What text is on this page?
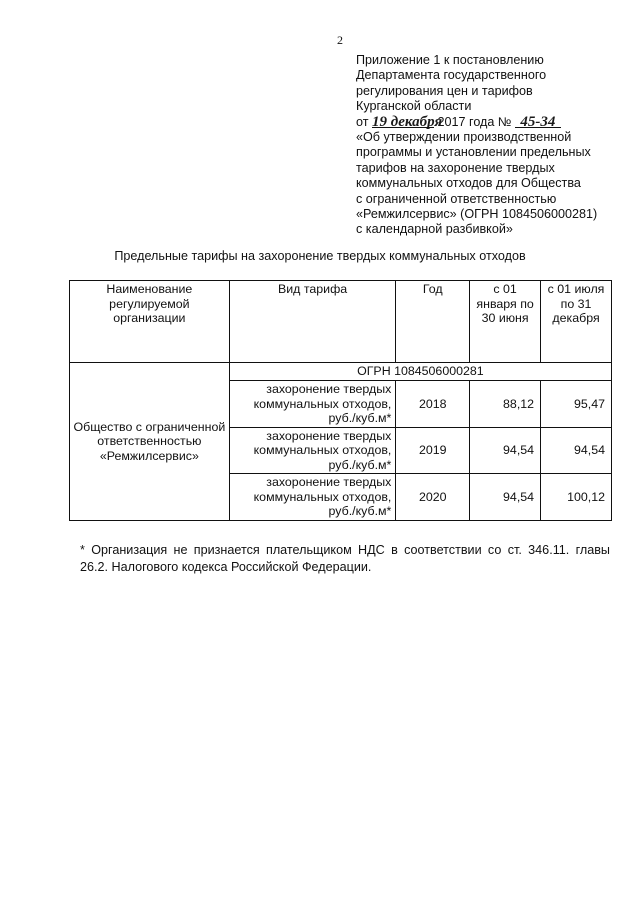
2
Приложение 1 к постановлению
Департамента государственного
регулирования цен и тарифов
Курганской области
от 19 декабря 2017 года № 45-34
«Об утверждении производственной
программы и установлении предельных
тарифов на захоронение твердых
коммунальных отходов для Общества
с ограниченной ответственностью
«Ремжилсервис» (ОГРН 1084506000281)
с календарной разбивкой»
Предельные тарифы на захоронение твердых коммунальных отходов
Наименование регулируемой организации	Вид тарифа	Год	с 01 января по 30 июня	с 01 июля по 31 декабря
Общество с ограниченной ответственностью «Ремжилсервис»	ОГРН 1084506000281			
	захоронение твердых коммунальных отходов, руб./куб.м*	2018	88,12	95,47
	захоронение твердых коммунальных отходов, руб./куб.м*	2019	94,54	94,54
	захоронение твердых коммунальных отходов, руб./куб.м*	2020	94,54	100,12
* Организация не признается плательщиком НДС в соответствии со ст. 346.11. главы 26.2. Налогового кодекса Российской Федерации.
